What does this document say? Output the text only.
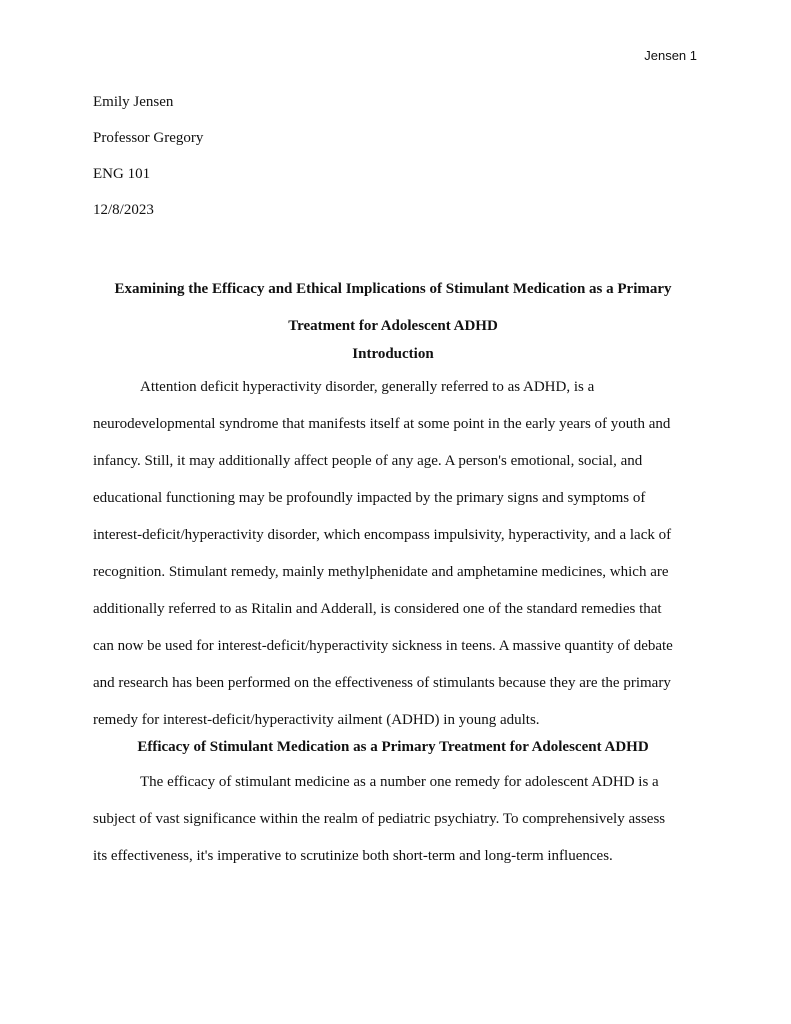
Jensen 1
Emily Jensen
Professor Gregory
ENG 101
12/8/2023
Examining the Efficacy and Ethical Implications of Stimulant Medication as a Primary
Treatment for Adolescent ADHD
Introduction
Attention deficit hyperactivity disorder, generally referred to as ADHD, is a
neurodevelopmental syndrome that manifests itself at some point in the early years of youth and
infancy. Still, it may additionally affect people of any age. A person's emotional, social, and
educational functioning may be profoundly impacted by the primary signs and symptoms of
interest-deficit/hyperactivity disorder, which encompass impulsivity, hyperactivity, and a lack of
recognition. Stimulant remedy, mainly methylphenidate and amphetamine medicines, which are
additionally referred to as Ritalin and Adderall, is considered one of the standard remedies that
can now be used for interest-deficit/hyperactivity sickness in teens. A massive quantity of debate
and research has been performed on the effectiveness of stimulants because they are the primary
remedy for interest-deficit/hyperactivity ailment (ADHD) in young adults.
Efficacy of Stimulant Medication as a Primary Treatment for Adolescent ADHD
The efficacy of stimulant medicine as a number one remedy for adolescent ADHD is a
subject of vast significance within the realm of pediatric psychiatry. To comprehensively assess
its effectiveness, it's imperative to scrutinize both short-term and long-term influences.
